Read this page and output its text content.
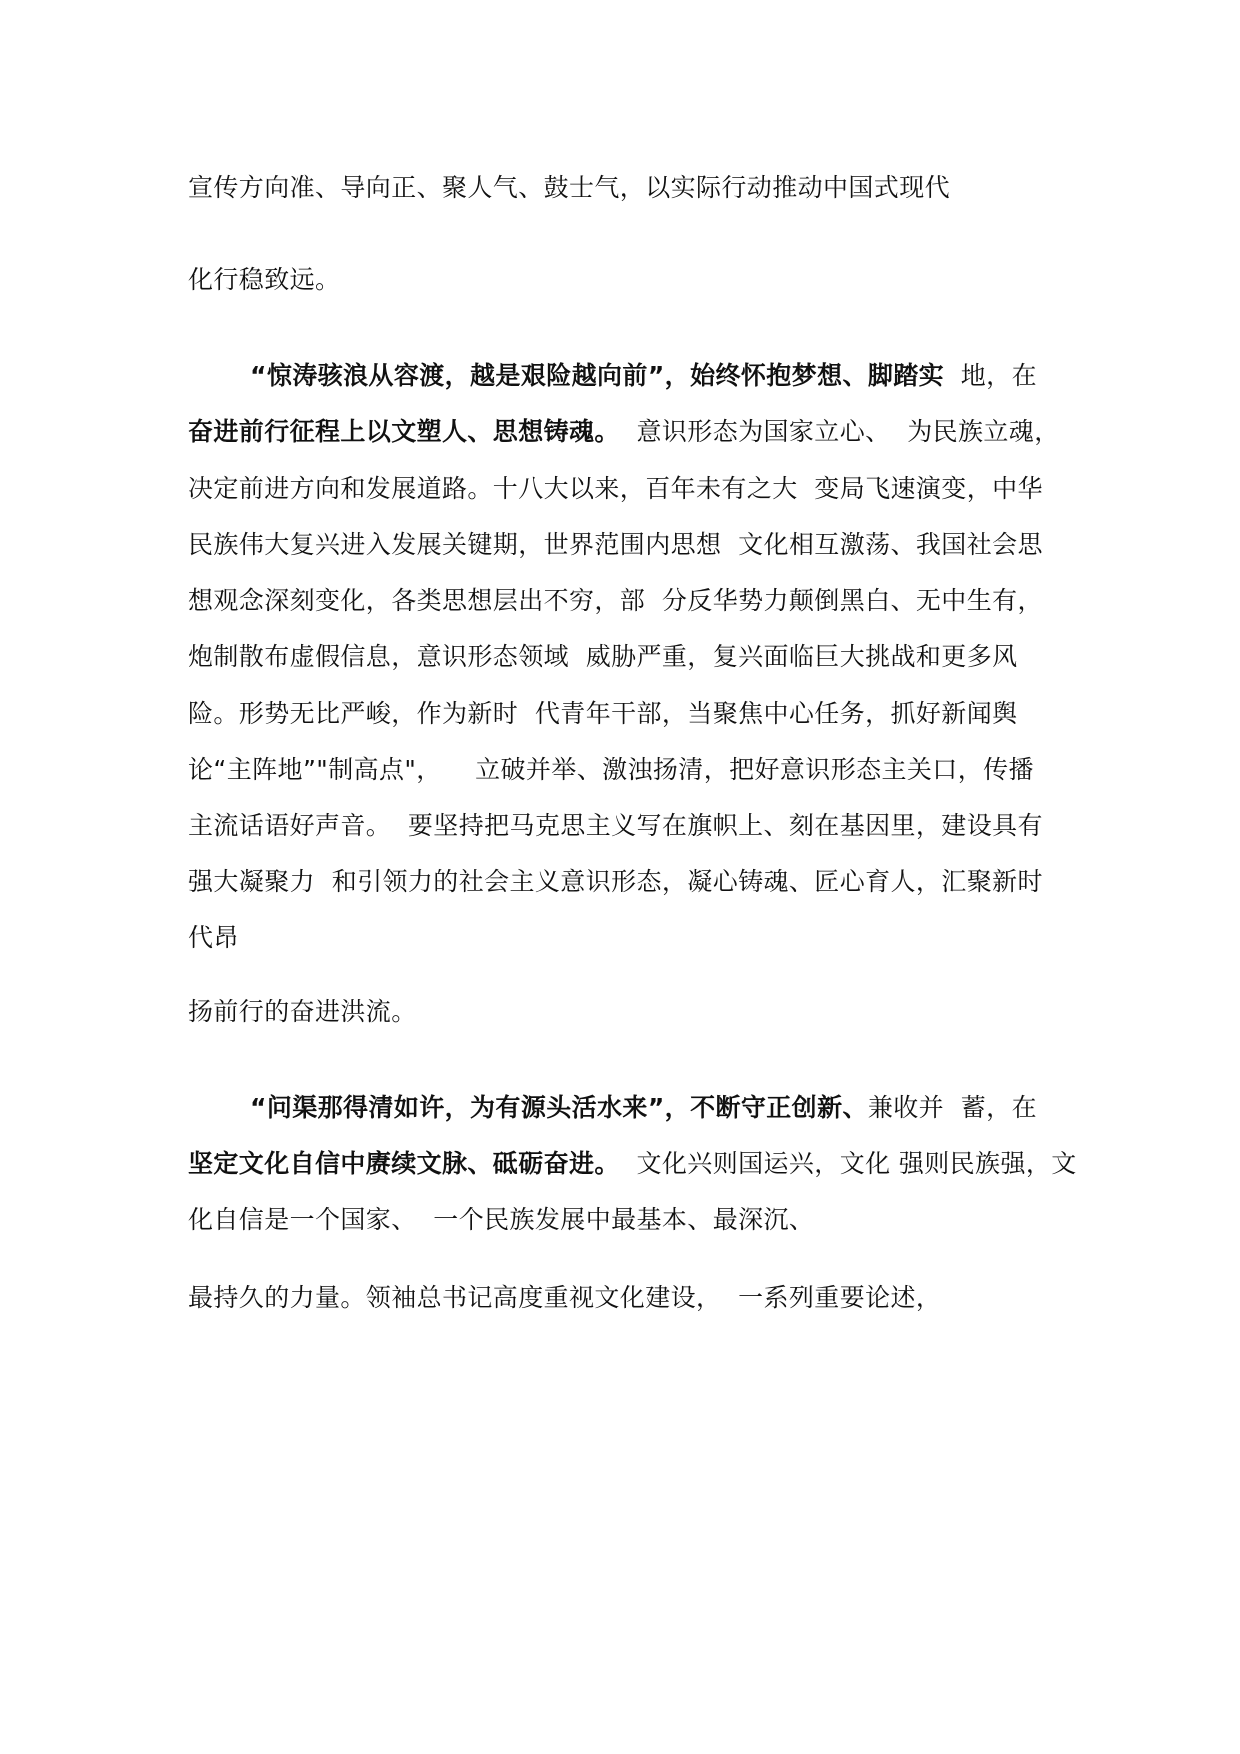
宣传方向准、导向正、聚人气、鼓士气，以实际行动推动中国式现代
化行稳致远。
“惊涛骇浪从容渡，越是艰险越向前”，始终怀抱梦想、脚踏实  地，在
奋进前行征程上以文塑人、思想铸魂。  意识形态为国家立心、  为民族立魂，
决定前进方向和发展道路。十八大以来，百年未有之大  变局飞速演变，中华
民族伟大复兴进入发展关键期，世界范围内思想  文化相互激荡、我国社会思
想观念深刻变化，各类思想层出不穷，部  分反华势力颠倒黑白、无中生有，
炮制散布虚假信息，意识形态领域  威胁严重，复兴面临巨大挑战和更多风
险。形势无比严峻，作为新时  代青年干部，当聚焦中心任务，抓好新闻舆
论“主阵地”"制高点"，    立破并举、激浊扬清，把好意识形态主关口，传播
主流话语好声音。  要坚持把马克思主义写在旗帜上、刻在基因里，建设具有
强大凝聚力  和引领力的社会主义意识形态，凝心铸魂、匠心育人，汇聚新时
代昂
扬前行的奋进洪流。
“问渠那得清如许，为有源头活水来”，不断守正创新、兼收并  蓄，在
坚定文化自信中赓续文脉、砥砺奋进。  文化兴则国运兴，文化 强则民族强，文
化自信是一个国家、  一个民族发展中最基本、最深沉、
最持久的力量。领袖总书记高度重视文化建设，  一系列重要论述，
